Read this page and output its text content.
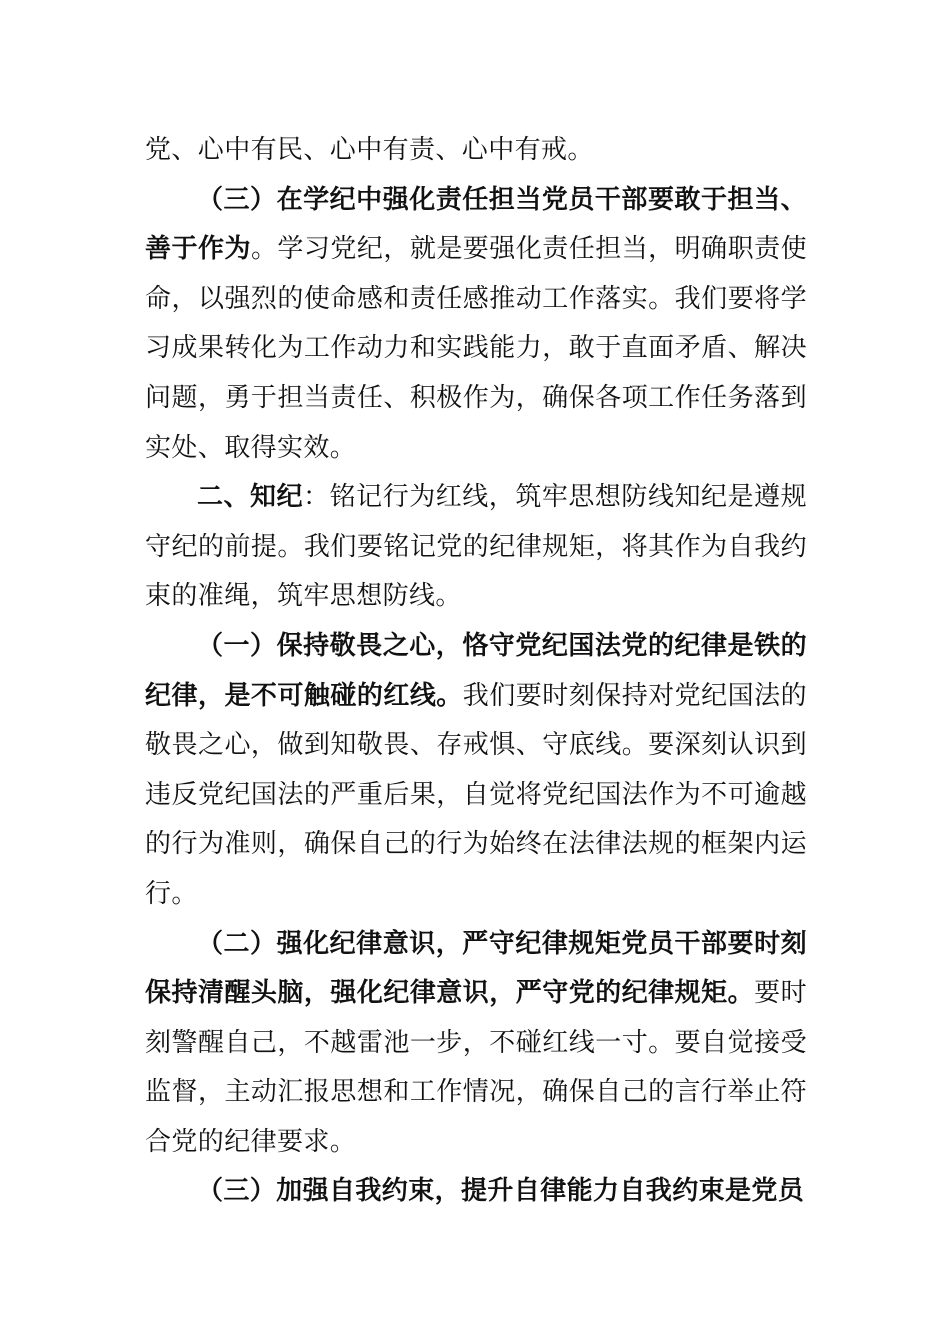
党、心中有民、心中有责、心中有戒。

（三）在学纪中强化责任担当党员干部要敢于担当、善于作为。学习党纪，就是要强化责任担当，明确职责使命，以强烈的使命感和责任感推动工作落实。我们要将学习成果转化为工作动力和实践能力，敢于直面矛盾、解决问题，勇于担当责任、积极作为，确保各项工作任务落到实处、取得实效。

二、知纪：铭记行为红线，筑牢思想防线知纪是遵规守纪的前提。我们要铭记党的纪律规矩，将其作为自我约束的准绳，筑牢思想防线。

（一）保持敬畏之心，恪守党纪国法党的纪律是铁的纪律，是不可触碰的红线。我们要时刻保持对党纪国法的敬畏之心，做到知敬畏、存戒惧、守底线。要深刻认识到违反党纪国法的严重后果，自觉将党纪国法作为不可逾越的行为准则，确保自己的行为始终在法律法规的框架内运行。

（二）强化纪律意识，严守纪律规矩党员干部要时刻保持清醒头脑，强化纪律意识，严守党的纪律规矩。要时刻警醒自己，不越雷池一步，不碰红线一寸。要自觉接受监督，主动汇报思想和工作情况，确保自己的言行举止符合党的纪律要求。

（三）加强自我约束，提升自律能力自我约束是党员
